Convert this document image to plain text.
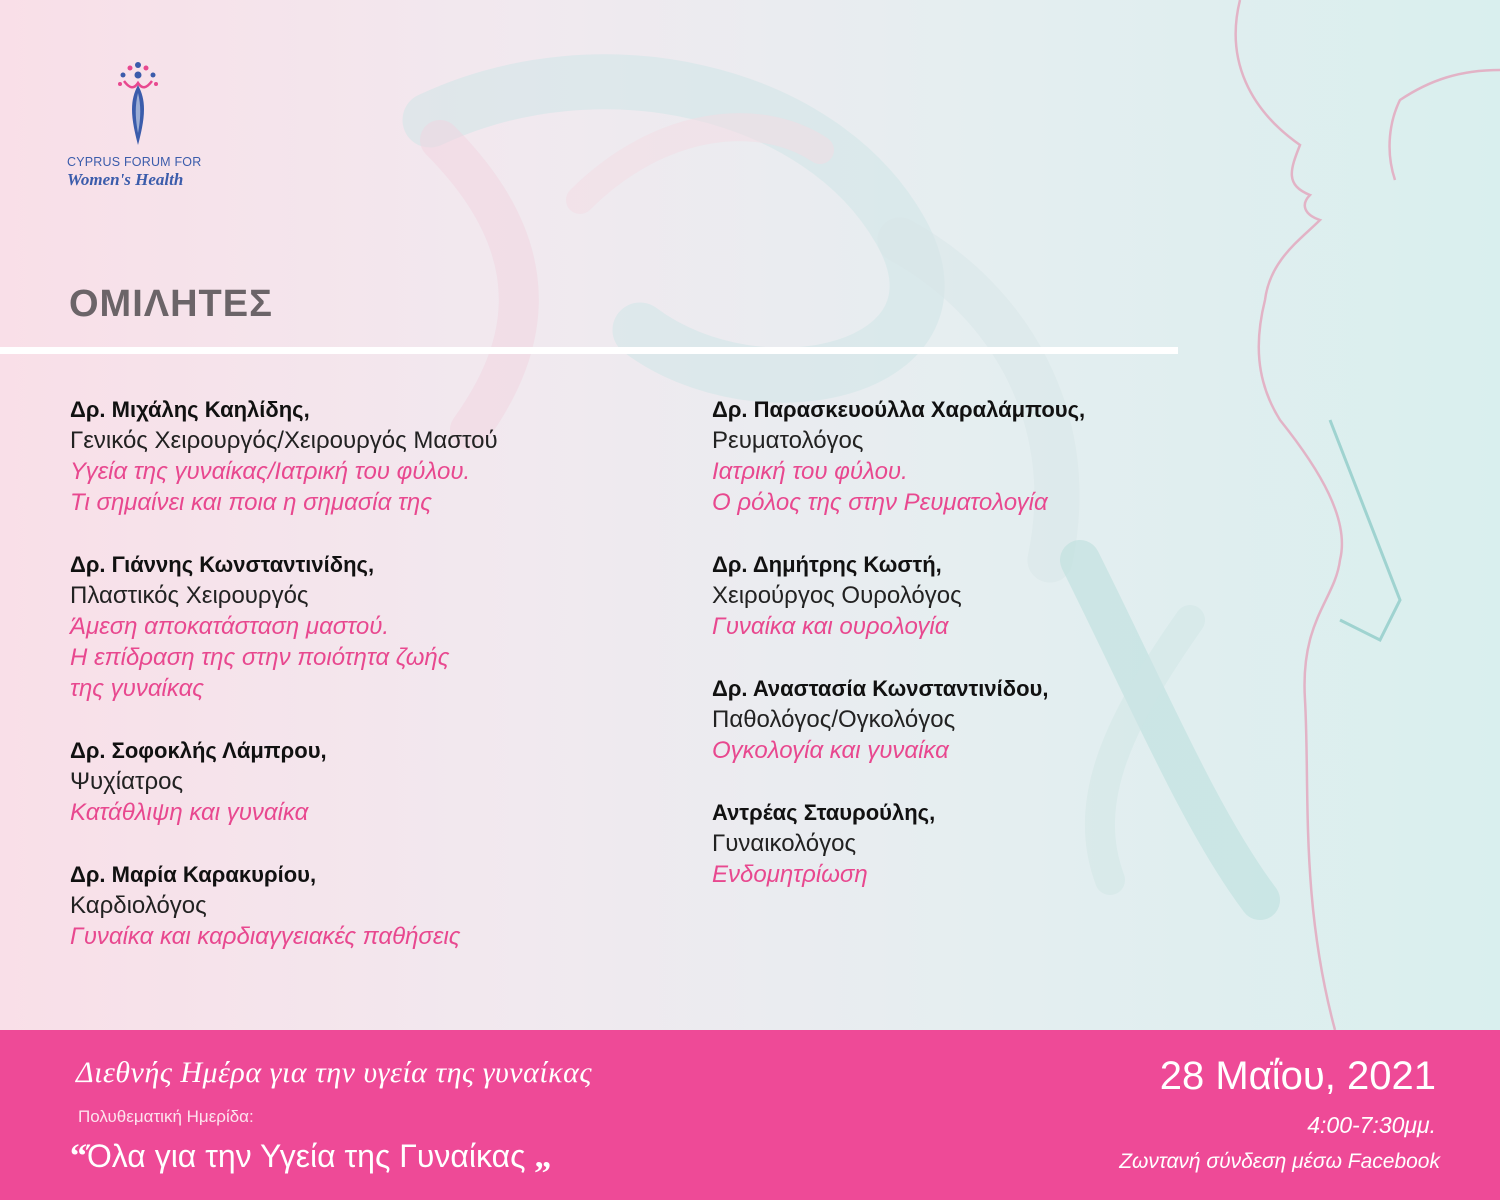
CYPRUS FORUM FOR
Women's Health
ΟΜΙΛΗΤΕΣ
Δρ. Μιχάλης Καηλίδης,
Γενικός Χειρουργός/Χειρουργός Μαστού
Υγεία της γυναίκας/Ιατρική του φύλου.
Τι σημαίνει και ποια η σημασία της
Δρ. Γιάννης Κωνσταντινίδης,
Πλαστικός Χειρουργός
Άμεση αποκατάσταση μαστού.
Η επίδραση της στην ποιότητα ζωής
της γυναίκας
Δρ. Σοφοκλής Λάμπρου,
Ψυχίατρος
Κατάθλιψη και γυναίκα
Δρ. Μαρία Καρακυρίου,
Καρδιολόγος
Γυναίκα και καρδιαγγειακές παθήσεις
Δρ. Παρασκευούλλα Χαραλάμπους,
Ρευματολόγος
Ιατρική του φύλου.
Ο ρόλος της στην Ρευματολογία
Δρ. Δημήτρης Κωστή,
Χειρούργος Ουρολόγος
Γυναίκα και ουρολογία
Δρ. Αναστασία Κωνσταντινίδου,
Παθολόγος/Ογκολόγος
Ογκολογία και γυναίκα
Αντρέας Σταυρούλης,
Γυναικολόγος
Ενδομητρίωση
Διεθνής Ημέρα για την υγεία της γυναίκας
Πολυθεματική Ημερίδα:
“Όλα για την Υγεία της Γυναίκας „
28 Μαΐου, 2021
4:00-7:30μμ.
Ζωντανή σύνδεση μέσω Facebook
